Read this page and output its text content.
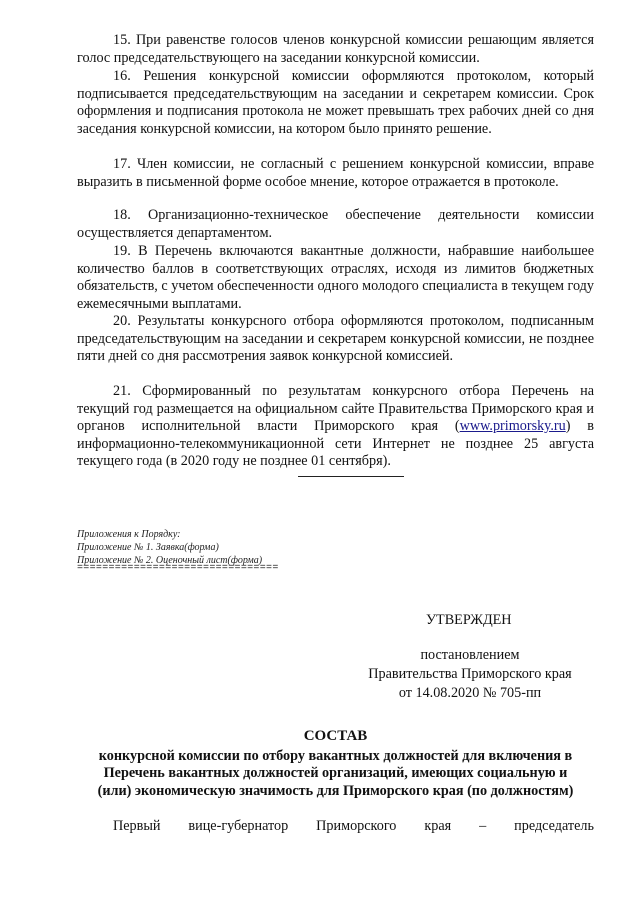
15. При равенстве голосов членов конкурсной комиссии решающим является голос председательствующего на заседании конкурсной комиссии.

16. Решения конкурсной комиссии оформляются протоколом, который подписывается председательствующим на заседании и секретарем комиссии. Срок оформления и подписания протокола не может превышать трех рабочих дней со дня заседания конкурсной комиссии, на котором было принято решение.

17. Член комиссии, не согласный с решением конкурсной комиссии, вправе выразить в письменной форме особое мнение, которое отражается в протоколе.

18. Организационно-техническое обеспечение деятельности комиссии осуществляется департаментом.

19. В Перечень включаются вакантные должности, набравшие наибольшее количество баллов в соответствующих отраслях, исходя из лимитов бюджетных обязательств, с учетом обеспеченности одного молодого специалиста в текущем году ежемесячными выплатами.

20. Результаты конкурсного отбора оформляются протоколом, подписанным председательствующим на заседании и секретарем конкурсной комиссии, не позднее пяти дней со дня рассмотрения заявок конкурсной комиссией.

21. Сформированный по результатам конкурсного отбора Перечень на текущий год размещается на официальном сайте Правительства Приморского края и органов исполнительной власти Приморского края (www.primorsky.ru) в информационно-телекоммуникационной сети Интернет не позднее 25 августа текущего года (в 2020 году не позднее 01 сентября).

Приложения к Порядку:
Приложение № 1. Заявка(форма)
Приложение № 2. Оценочный лист(форма)
================================
УТВЕРЖДЕН
постановлением
Правительства Приморского края
от 14.08.2020 № 705-пп
СОСТАВ
конкурсной комиссии по отбору вакантных должностей для включения в
Перечень вакантных должностей организаций, имеющих социальную и
(или) экономическую значимость для Приморского края (по должностям)
Первый вице-губернатор Приморского края – председатель
